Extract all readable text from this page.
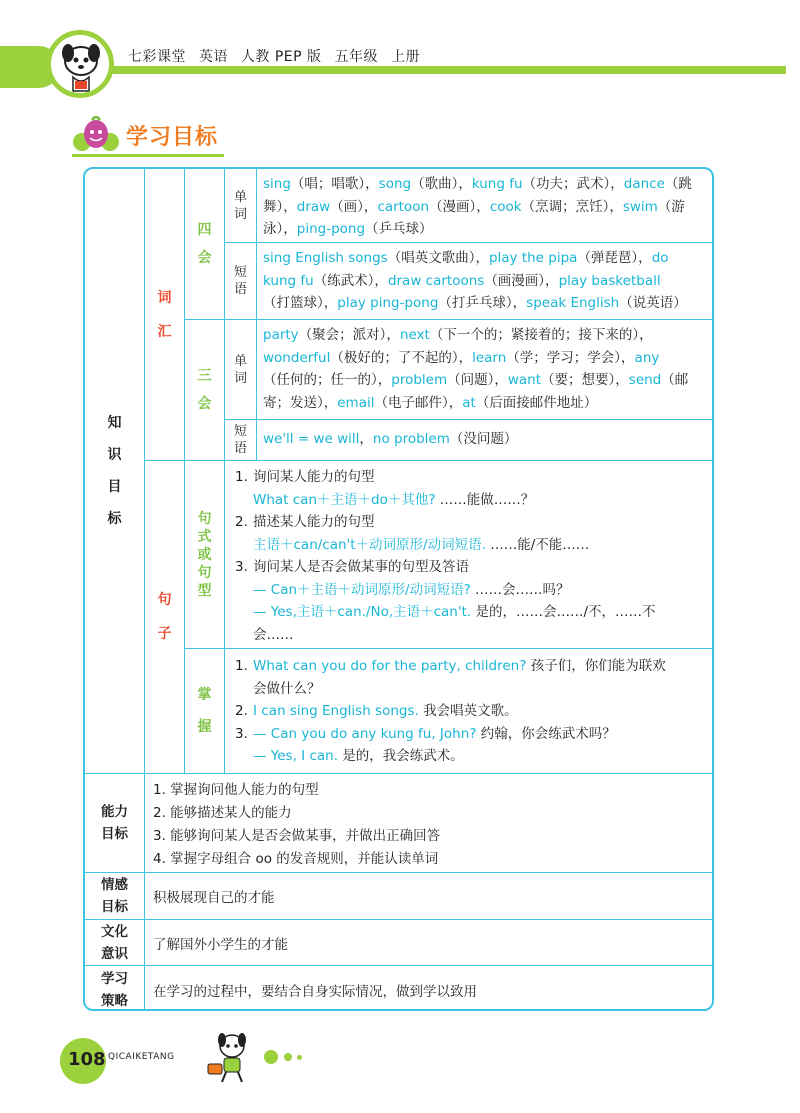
七彩课堂 英语 人教 PEP 版 五年级 上册
学习目标
知
识
目
标
词
汇
句
子
四
会
三
会
句
式
或
句
型
掌
握
单
词
短
语
单
词
短
语
sing（唱；唱歌），song（歌曲），kung fu（功夫；武术），dance（跳
舞），draw（画），cartoon（漫画），cook（烹调；烹饪），swim（游
泳），ping-pong（乒乓球）
sing English songs（唱英文歌曲），play the pipa（弹琵琶），do
kung fu（练武术），draw cartoons（画漫画），play basketball
（打篮球），play ping-pong（打乒乓球），speak English（说英语）
party（聚会；派对），next（下一个的；紧接着的；接下来的），
wonderful（极好的；了不起的），learn（学；学习；学会），any
（任何的；任一的），problem（问题），want（要；想要），send（邮
寄；发送），email（电子邮件），at（后面接邮件地址）
we'll = we will，no problem（没问题）
1. 询问某人能力的句型
What can＋主语＋do＋其他? ……能做……？
2. 描述某人能力的句型
主语＋can/can't＋动词原形/动词短语. ……能/不能……
3. 询问某人是否会做某事的句型及答语
— Can＋主语＋动词原形/动词短语? ……会……吗？
— Yes,主语＋can./No,主语＋can't. 是的，……会……/不，……不
会……
1. What can you do for the party, children? 孩子们，你们能为联欢
会做什么？
2. I can sing English songs. 我会唱英文歌。
3. — Can you do any kung fu, John? 约翰，你会练武术吗？
— Yes, I can. 是的，我会练武术。
能力
目标
1. 掌握询问他人能力的句型
2. 能够描述某人的能力
3. 能够询问某人是否会做某事，并做出正确回答
4. 掌握字母组合 oo 的发音规则，并能认读单词
情感
目标
积极展现自己的才能
文化
意识
了解国外小学生的才能
学习
策略
在学习的过程中，要结合自身实际情况，做到学以致用
108 QICAIKETANG
